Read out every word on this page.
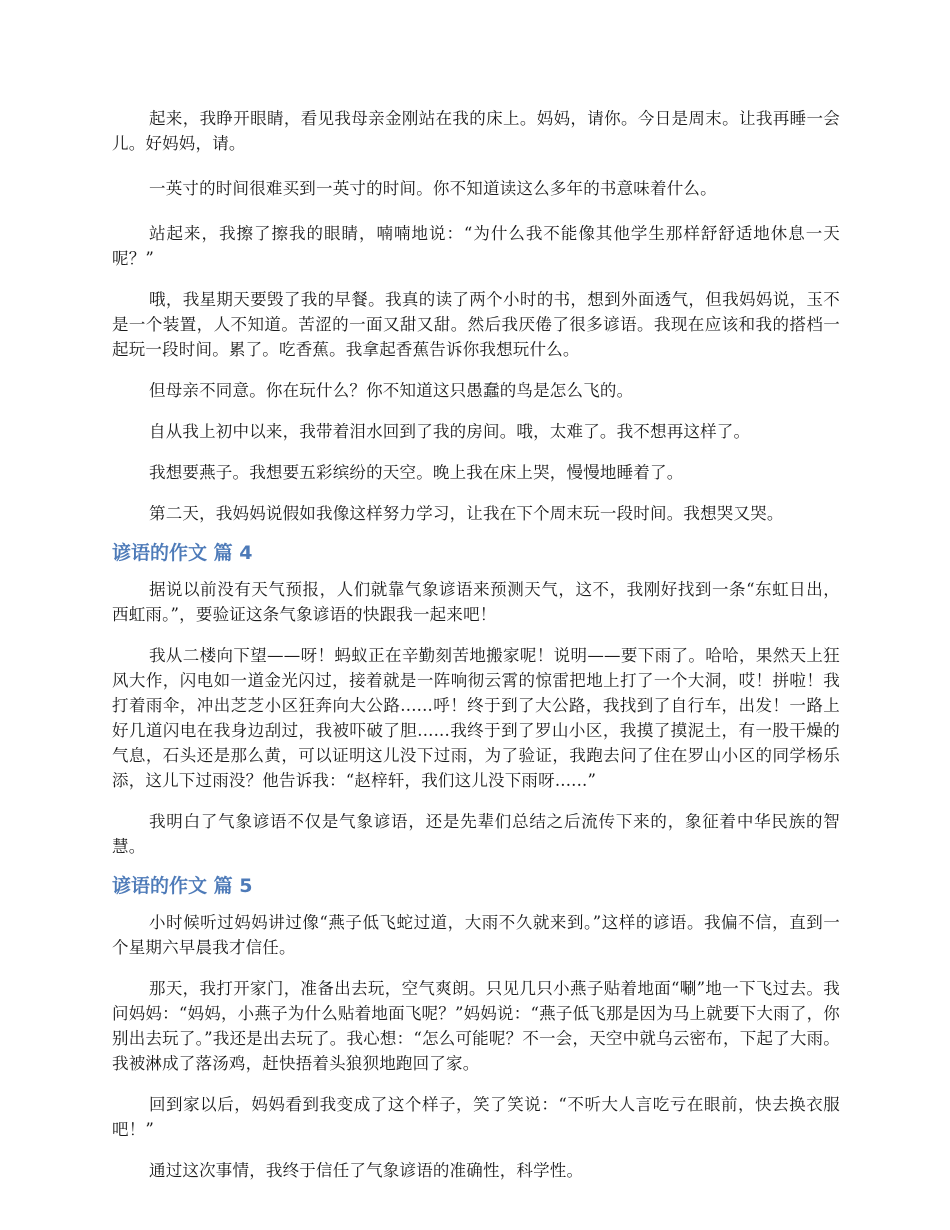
起来，我睁开眼睛，看见我母亲金刚站在我的床上。妈妈，请你。今日是周末。让我再睡一会儿。好妈妈，请。

一英寸的时间很难买到一英寸的时间。你不知道读这么多年的书意味着什么。

站起来，我擦了擦我的眼睛，喃喃地说：“为什么我不能像其他学生那样舒舒适地休息一天呢？”

哦，我星期天要毁了我的早餐。我真的读了两个小时的书，想到外面透气，但我妈妈说，玉不是一个装置，人不知道。苦涩的一面又甜又甜。然后我厌倦了很多谚语。我现在应该和我的搭档一起玩一段时间。累了。吃香蕉。我拿起香蕉告诉你我想玩什么。

但母亲不同意。你在玩什么？你不知道这只愚蠢的鸟是怎么飞的。

自从我上初中以来，我带着泪水回到了我的房间。哦，太难了。我不想再这样了。

我想要燕子。我想要五彩缤纷的天空。晚上我在床上哭，慢慢地睡着了。

第二天，我妈妈说假如我像这样努力学习，让我在下个周末玩一段时间。我想哭又哭。

谚语的作文 篇 4

据说以前没有天气预报，人们就靠气象谚语来预测天气，这不，我刚好找到一条“东虹日出，西虹雨。”，要验证这条气象谚语的快跟我一起来吧！

我从二楼向下望——呀！蚂蚁正在辛勤刻苦地搬家呢！说明——要下雨了。哈哈，果然天上狂风大作，闪电如一道金光闪过，接着就是一阵响彻云霄的惊雷把地上打了一个大洞，哎！拼啦！我打着雨伞，冲出芝芝小区狂奔向大公路......呼！终于到了大公路，我找到了自行车，出发！一路上好几道闪电在我身边刮过，我被吓破了胆......我终于到了罗山小区，我摸了摸泥土，有一股干燥的气息，石头还是那么黄，可以证明这儿没下过雨，为了验证，我跑去问了住在罗山小区的同学杨乐添，这儿下过雨没？他告诉我：“赵梓轩，我们这儿没下雨呀......”

我明白了气象谚语不仅是气象谚语，还是先辈们总结之后流传下来的，象征着中华民族的智慧。

谚语的作文 篇 5

小时候听过妈妈讲过像“燕子低飞蛇过道，大雨不久就来到。”这样的谚语。我偏不信，直到一个星期六早晨我才信任。

那天，我打开家门，准备出去玩，空气爽朗。只见几只小燕子贴着地面“唰”地一下飞过去。我问妈妈：“妈妈，小燕子为什么贴着地面飞呢？”妈妈说：“燕子低飞那是因为马上就要下大雨了，你别出去玩了。”我还是出去玩了。我心想：“怎么可能呢？不一会，天空中就乌云密布，下起了大雨。我被淋成了落汤鸡，赶快捂着头狼狈地跑回了家。

回到家以后，妈妈看到我变成了这个样子，笑了笑说：“不听大人言吃亏在眼前，快去换衣服吧！”

通过这次事情，我终于信任了气象谚语的准确性，科学性。
